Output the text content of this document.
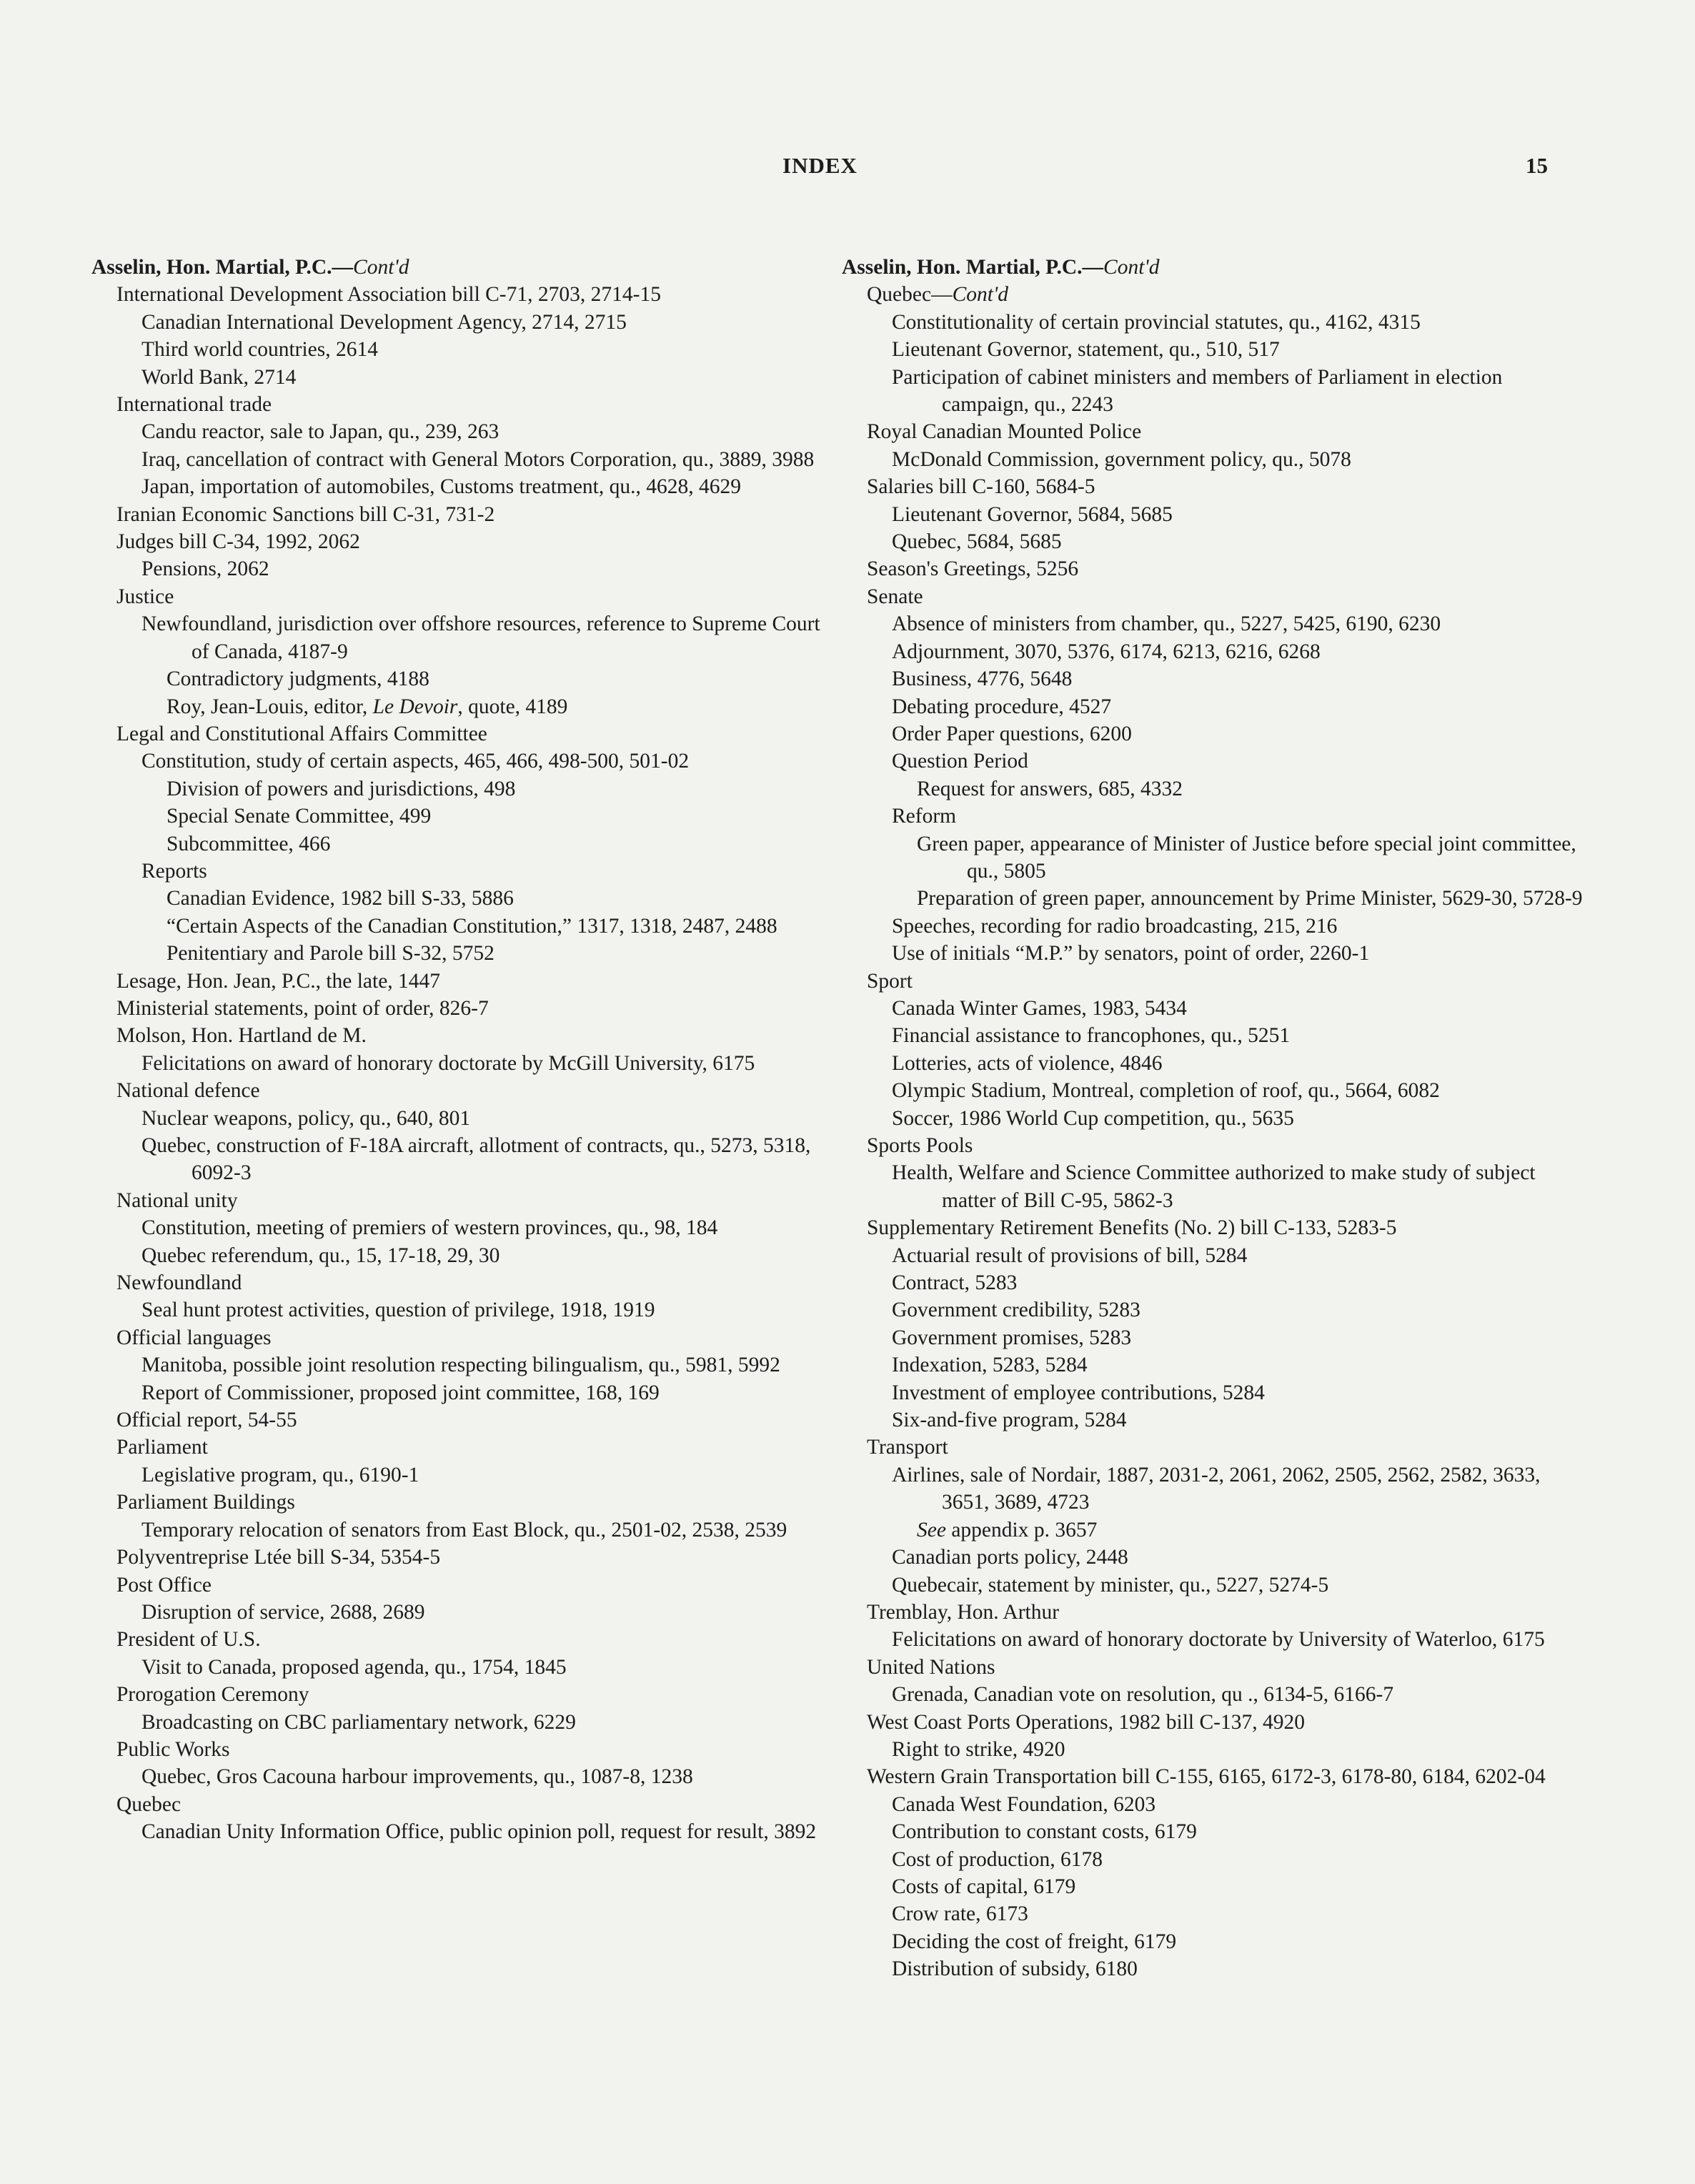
INDEX	15
Asselin, Hon. Martial, P.C.—Cont'd
International Development Association bill C-71, 2703, 2714-15
Canadian International Development Agency, 2714, 2715
Third world countries, 2614
World Bank, 2714
International trade
Candu reactor, sale to Japan, qu., 239, 263
Iraq, cancellation of contract with General Motors Corporation, qu., 3889, 3988
Japan, importation of automobiles, Customs treatment, qu., 4628, 4629
Iranian Economic Sanctions bill C-31, 731-2
Judges bill C-34, 1992, 2062
Pensions, 2062
Justice
Newfoundland, jurisdiction over offshore resources, reference to Supreme Court of Canada, 4187-9
Contradictory judgments, 4188
Roy, Jean-Louis, editor, Le Devoir, quote, 4189
Legal and Constitutional Affairs Committee
Constitution, study of certain aspects, 465, 466, 498-500, 501-02
Division of powers and jurisdictions, 498
Special Senate Committee, 499
Subcommittee, 466
Reports
Canadian Evidence, 1982 bill S-33, 5886
“Certain Aspects of the Canadian Constitution,” 1317, 1318, 2487, 2488
Penitentiary and Parole bill S-32, 5752
Lesage, Hon. Jean, P.C., the late, 1447
Ministerial statements, point of order, 826-7
Molson, Hon. Hartland de M.
Felicitations on award of honorary doctorate by McGill University, 6175
National defence
Nuclear weapons, policy, qu., 640, 801
Quebec, construction of F-18A aircraft, allotment of contracts, qu., 5273, 5318, 6092-3
National unity
Constitution, meeting of premiers of western provinces, qu., 98, 184
Quebec referendum, qu., 15, 17-18, 29, 30
Newfoundland
Seal hunt protest activities, question of privilege, 1918, 1919
Official languages
Manitoba, possible joint resolution respecting bilingualism, qu., 5981, 5992
Report of Commissioner, proposed joint committee, 168, 169
Official report, 54-55
Parliament
Legislative program, qu., 6190-1
Parliament Buildings
Temporary relocation of senators from East Block, qu., 2501-02, 2538, 2539
Polyventreprise Ltée bill S-34, 5354-5
Post Office
Disruption of service, 2688, 2689
President of U.S.
Visit to Canada, proposed agenda, qu., 1754, 1845
Prorogation Ceremony
Broadcasting on CBC parliamentary network, 6229
Public Works
Quebec, Gros Cacouna harbour improvements, qu., 1087-8, 1238
Quebec
Canadian Unity Information Office, public opinion poll, request for result, 3892
Asselin, Hon. Martial, P.C.—Cont'd
Quebec—Cont'd
Constitutionality of certain provincial statutes, qu., 4162, 4315
Lieutenant Governor, statement, qu., 510, 517
Participation of cabinet ministers and members of Parliament in election campaign, qu., 2243
Royal Canadian Mounted Police
McDonald Commission, government policy, qu., 5078
Salaries bill C-160, 5684-5
Lieutenant Governor, 5684, 5685
Quebec, 5684, 5685
Season's Greetings, 5256
Senate
Absence of ministers from chamber, qu., 5227, 5425, 6190, 6230
Adjournment, 3070, 5376, 6174, 6213, 6216, 6268
Business, 4776, 5648
Debating procedure, 4527
Order Paper questions, 6200
Question Period
Request for answers, 685, 4332
Reform
Green paper, appearance of Minister of Justice before special joint committee, qu., 5805
Preparation of green paper, announcement by Prime Minister, 5629-30, 5728-9
Speeches, recording for radio broadcasting, 215, 216
Use of initials “M.P.” by senators, point of order, 2260-1
Sport
Canada Winter Games, 1983, 5434
Financial assistance to francophones, qu., 5251
Lotteries, acts of violence, 4846
Olympic Stadium, Montreal, completion of roof, qu., 5664, 6082
Soccer, 1986 World Cup competition, qu., 5635
Sports Pools
Health, Welfare and Science Committee authorized to make study of subject matter of Bill C-95, 5862-3
Supplementary Retirement Benefits (No. 2) bill C-133, 5283-5
Actuarial result of provisions of bill, 5284
Contract, 5283
Government credibility, 5283
Government promises, 5283
Indexation, 5283, 5284
Investment of employee contributions, 5284
Six-and-five program, 5284
Transport
Airlines, sale of Nordair, 1887, 2031-2, 2061, 2062, 2505, 2562, 2582, 3633, 3651, 3689, 4723
See appendix p. 3657
Canadian ports policy, 2448
Quebecair, statement by minister, qu., 5227, 5274-5
Tremblay, Hon. Arthur
Felicitations on award of honorary doctorate by University of Waterloo, 6175
United Nations
Grenada, Canadian vote on resolution, qu ., 6134-5, 6166-7
West Coast Ports Operations, 1982 bill C-137, 4920
Right to strike, 4920
Western Grain Transportation bill C-155, 6165, 6172-3, 6178-80, 6184, 6202-04
Canada West Foundation, 6203
Contribution to constant costs, 6179
Cost of production, 6178
Costs of capital, 6179
Crow rate, 6173
Deciding the cost of freight, 6179
Distribution of subsidy, 6180
